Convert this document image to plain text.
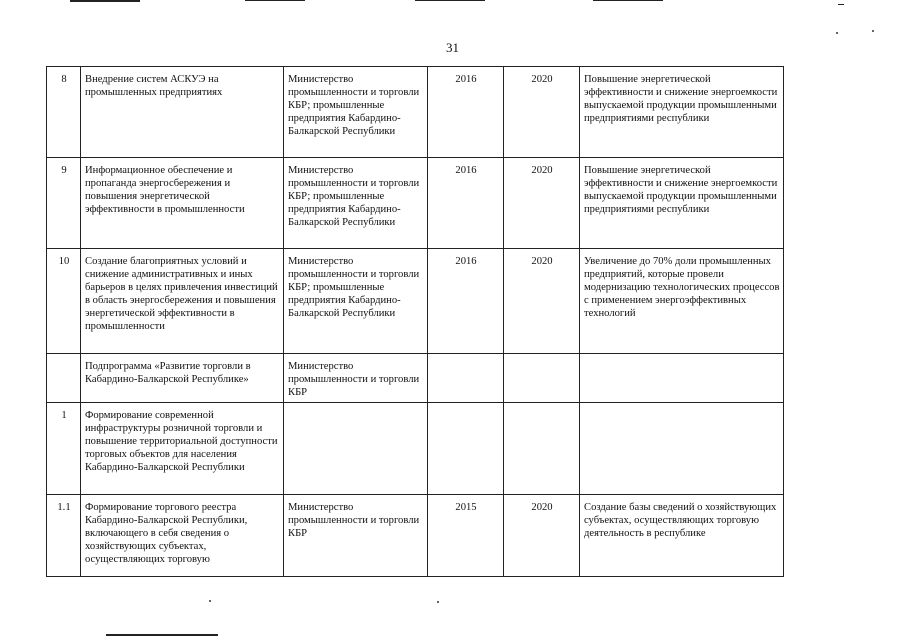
31
8	Внедрение систем АСКУЭ на промышленных предприятиях	Министерство промышленности и торговли КБР; промышленные предприятия Кабардино-Балкарской Республики	2016	2020	Повышение энергетической эффективности и снижение энергоемкости выпускаемой продукции промышленными предприятиями республики
9	Информационное обеспечение и пропаганда энергосбережения и повышения энергетической эффективности в промышленности	Министерство промышленности и торговли КБР; промышленные предприятия Кабардино-Балкарской Республики	2016	2020	Повышение энергетической эффективности и снижение энергоемкости выпускаемой продукции промышленными предприятиями республики
10	Создание благоприятных условий и снижение административных и иных барьеров в целях привлечения инвестиций в область энергосбережения и повышения энергетической эффективности в промышленности	Министерство промышленности и торговли КБР; промышленные предприятия Кабардино-Балкарской Республики	2016	2020	Увеличение до 70% доли промышленных предприятий, которые провели модернизацию технологических процессов с применением энергоэффективных технологий
	Подпрограмма «Развитие торговли в Кабардино-Балкарской Республике»	Министерство промышленности и торговли КБР			
1	Формирование современной инфраструктуры розничной торговли и повышение территориальной доступности торговых объектов для населения Кабардино-Балкарской Республики				
1.1	Формирование торгового реестра Кабардино-Балкарской Республики, включающего в себя сведения о хозяйствующих субъектах, осуществляющих торговую	Министерство промышленности и торговли КБР	2015	2020	Создание базы сведений о хозяйствующих субъектах, осуществляющих торговую деятельность в республике
